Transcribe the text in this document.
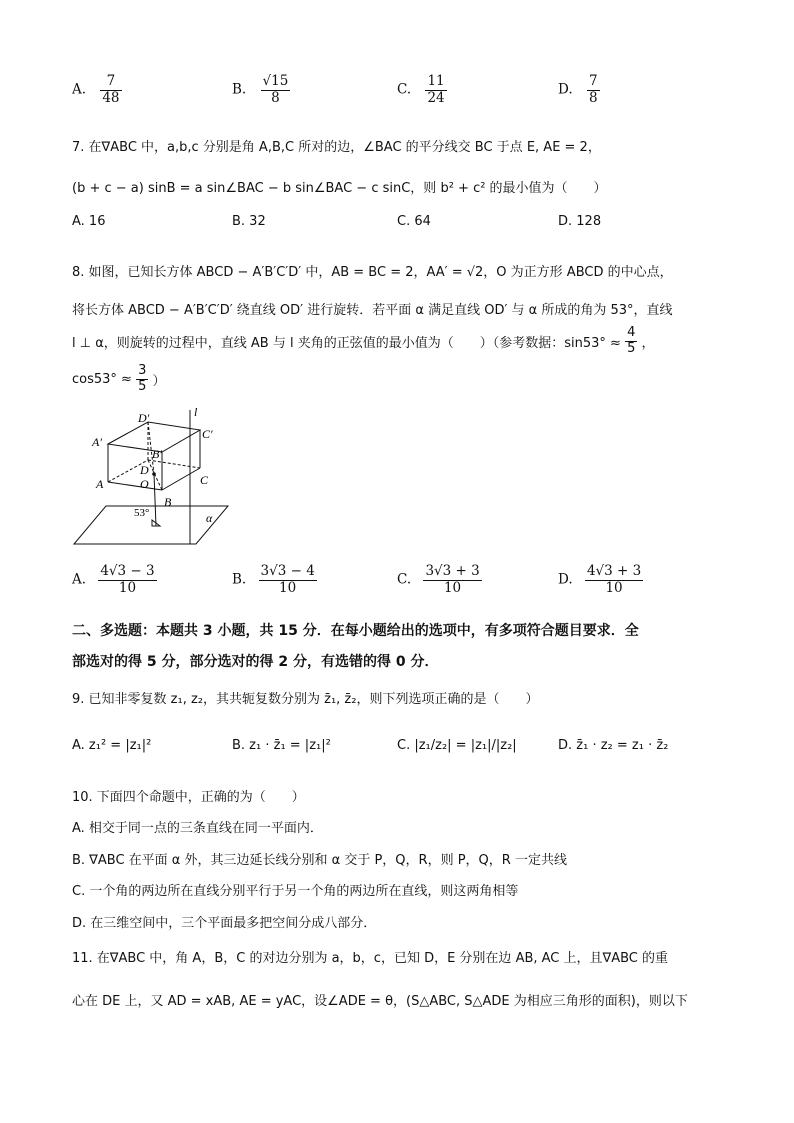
A. $\frac{7}{48}$	B. $\frac{√15}{8}$	C. $\frac{11}{24}$	D. $\frac{7}{8}$
7. 在∇ABC 中，a,b,c 分别是角 A,B,C 所对的边，∠BAC 的平分线交 BC 于点 E, AE = 2，
(b + c − a) sinB = a sin∠BAC − b sin∠BAC − c sinC，则 b² + c² 的最小值为（　　）
A. 16	B. 32	C. 64	D. 128
8. 如图，已知长方体 ABCD − A′B′C′D′ 中，AB = BC = 2，AA′ = √2，O 为正方形 ABCD 的中心点，
将长方体 ABCD − A′B′C′D′ 绕直线 OD′ 进行旋转．若平面 α 满足直线 OD′ 与 α 所成的角为 53°，直线
l ⊥ α，则旋转的过程中，直线 AB 与 l 夹角的正弦值的最小值为（　　）（参考数据：$\sin 53^\circ \approx \frac{4}{5}$ ，
$\cos 53^\circ \approx \frac{3}{5}$ ）
l
D′
A′
B′
C′
D
O
A
B
C
53°	α
A. $\frac{4√3 - 3}{10}$	B. $\frac{3√3 - 4}{10}$	C. $\frac{3√3 + 3}{10}$	D. $\frac{4√3 + 3}{10}$
二、多选题：本题共 3 小题，共 15 分．在每小题给出的选项中，有多项符合题目要求．全
部选对的得 5 分，部分选对的得 2 分，有选错的得 0 分．
9. 已知非零复数 z₁, z₂，其共轭复数分别为 z̄₁, z̄₂，则下列选项正确的是（　　）
A. z₁² = |z₁|²	B. z₁ · z̄₁ = |z₁|²	C. |z₁/z₂| = |z₁|/|z₂|	D. z̄₁ · z₂ = z₁ · z̄₂
10. 下面四个命题中，正确的为（　　）
A. 相交于同一点的三条直线在同一平面内．
B. ∇ABC 在平面 α 外，其三边延长线分别和 α 交于 P，Q，R，则 P，Q，R 一定共线
C. 一个角的两边所在直线分别平行于另一个角的两边所在直线，则这两角相等
D. 在三维空间中，三个平面最多把空间分成八部分．
11. 在∇ABC 中，角 A，B，C 的对边分别为 a，b，c，已知 D，E 分别在边 AB, AC 上，且∇ABC 的重
心在 DE 上，又 AD = xAB, AE = yAC，设∠ADE = θ，(S△ABC, S△ADE 为相应三角形的面积)，则以下
